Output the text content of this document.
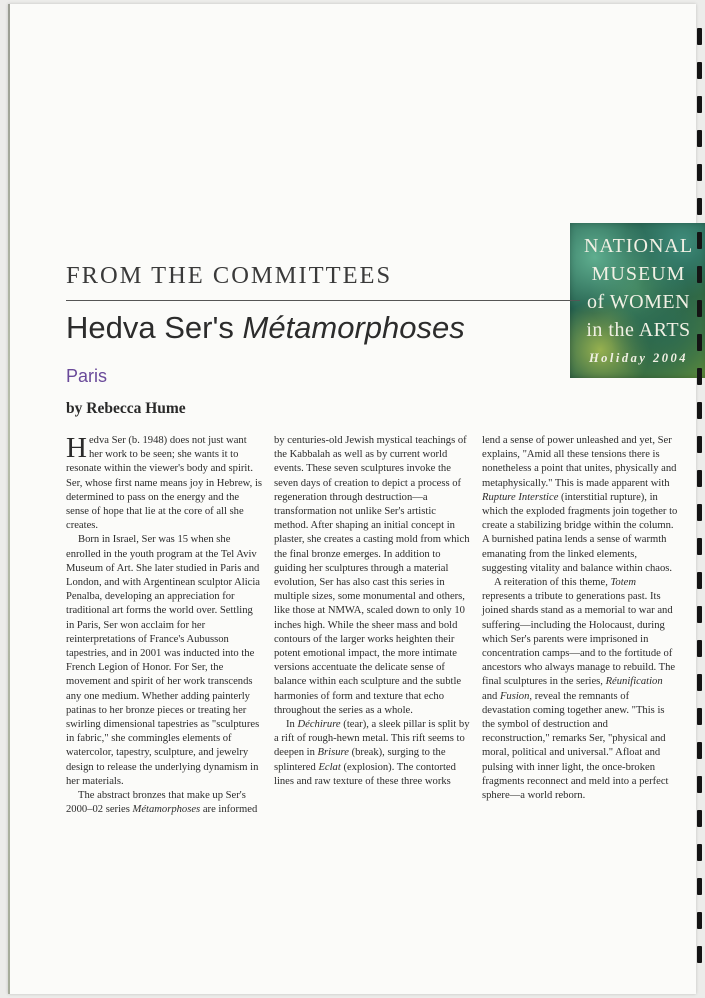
NATIONAL
MUSEUM
of WOMEN
in the ARTS
Holiday 2004
FROM THE COMMITTEES
Hedva Ser's Métamorphoses
Paris

by Rebecca Hume

Hedva Ser (b. 1948) does not just want her work to be seen; she wants it to resonate within the viewer's body and spirit. Ser, whose first name means joy in Hebrew, is determined to pass on the energy and the sense of hope that lie at the core of all she creates.

Born in Israel, Ser was 15 when she enrolled in the youth program at the Tel Aviv Museum of Art. She later studied in Paris and London, and with Argentinean sculptor Alicia Penalba, developing an appreciation for traditional art forms the world over. Settling in Paris, Ser won acclaim for her reinterpretations of France's Aubusson tapestries, and in 2001 was inducted into the French Legion of Honor. For Ser, the movement and spirit of her work transcends any one medium. Whether adding painterly patinas to her bronze pieces or treating her swirling dimensional tapestries as "sculptures in fabric," she commingles elements of watercolor, tapestry, sculpture, and jewelry design to release the underlying dynamism in her materials.

The abstract bronzes that make up Ser's 2000–02 series Métamorphoses are informed

by centuries-old Jewish mystical teachings of the Kabbalah as well as by current world events. These seven sculptures invoke the seven days of creation to depict a process of regeneration through destruction—a transformation not unlike Ser's artistic method. After shaping an initial concept in plaster, she creates a casting mold from which the final bronze emerges. In addition to guiding her sculptures through a material evolution, Ser has also cast this series in multiple sizes, some monumental and others, like those at NMWA, scaled down to only 10 inches high. While the sheer mass and bold contours of the larger works heighten their potent emotional impact, the more intimate versions accentuate the delicate sense of balance within each sculpture and the subtle harmonies of form and texture that echo throughout the series as a whole.

In Déchirure (tear), a sleek pillar is split by a rift of rough-hewn metal. This rift seems to deepen in Brisure (break), surging to the splintered Eclat (explosion). The contorted lines and raw texture of these three works

lend a sense of power unleashed and yet, Ser explains, "Amid all these tensions there is nonetheless a point that unites, physically and metaphysically." This is made apparent with Rupture Interstice (interstitial rupture), in which the exploded fragments join together to create a stabilizing bridge within the column. A burnished patina lends a sense of warmth emanating from the linked elements, suggesting vitality and balance within chaos.

A reiteration of this theme, Totem represents a tribute to generations past. Its joined shards stand as a memorial to war and suffering—including the Holocaust, during which Ser's parents were imprisoned in concentration camps—and to the fortitude of ancestors who always manage to rebuild. The final sculptures in the series, Réunification and Fusion, reveal the remnants of devastation coming together anew. "This is the symbol of destruction and reconstruction," remarks Ser, "physical and moral, political and universal." Afloat and pulsing with inner light, the once-broken fragments reconnect and meld into a perfect sphere—a world reborn.
